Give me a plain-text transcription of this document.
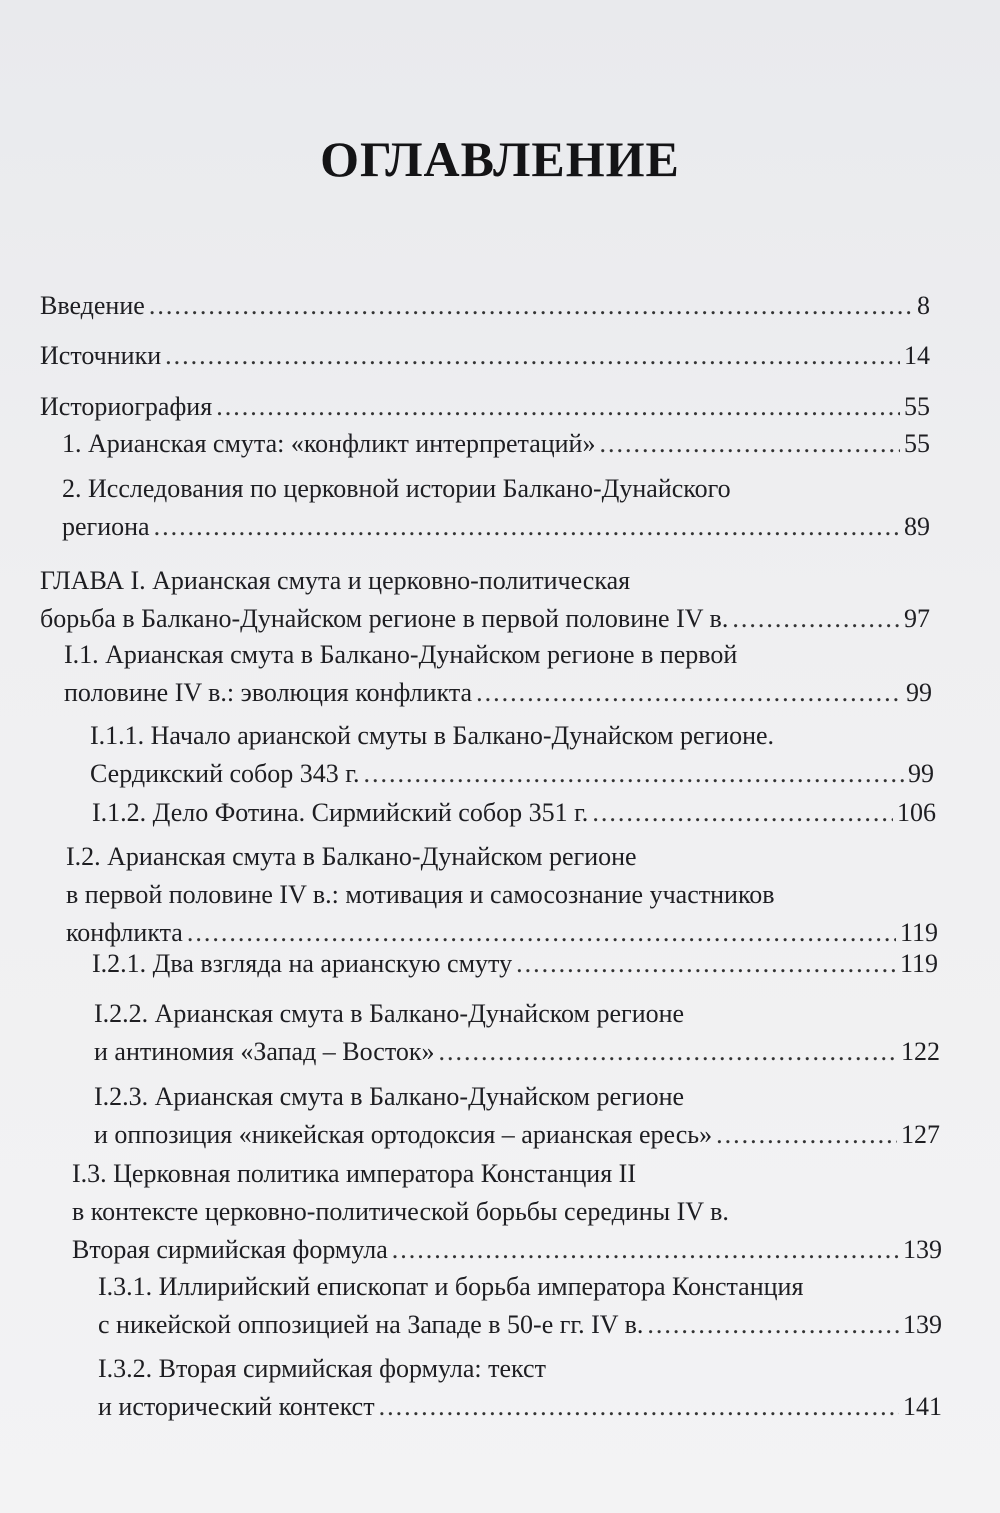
ОГЛАВЛЕНИЕ
Введение .....	8
Источники .....	14
Историография .....	55
1. Арианская смута: «конфликт интерпретаций» .....	55
2. Исследования по церковной истории Балкано-Дунайского
региона .....	89
ГЛАВА I. Арианская смута и церковно-политическая
борьба в Балкано-Дунайском регионе в первой половине IV в. .....	97
I.1. Арианская смута в Балкано-Дунайском регионе в первой
половине IV в.: эволюция конфликта .....	99
I.1.1. Начало арианской смуты в Балкано-Дунайском регионе.
Сердикский собор 343 г. .....	99
I.1.2. Дело Фотина. Сирмийский собор 351 г. .....	106
I.2. Арианская смута в Балкано-Дунайском регионе
в первой половине IV в.: мотивация и самосознание участников
конфликта .....	119
I.2.1. Два взгляда на арианскую смуту .....	119
I.2.2. Арианская смута в Балкано-Дунайском регионе
и антиномия «Запад – Восток» .....	122
I.2.3. Арианская смута в Балкано-Дунайском регионе
и оппозиция «никейская ортодоксия – арианская ересь» .....	127
I.3. Церковная политика императора Констанция II
в контексте церковно-политической борьбы середины IV в.
Вторая сирмийская формула .....	139
I.3.1. Иллирийский епископат и борьба императора Констанция
с никейской оппозицией на Западе в 50-е гг. IV в. .....	139
I.3.2. Вторая сирмийская формула: текст
и исторический контекст .....	141
